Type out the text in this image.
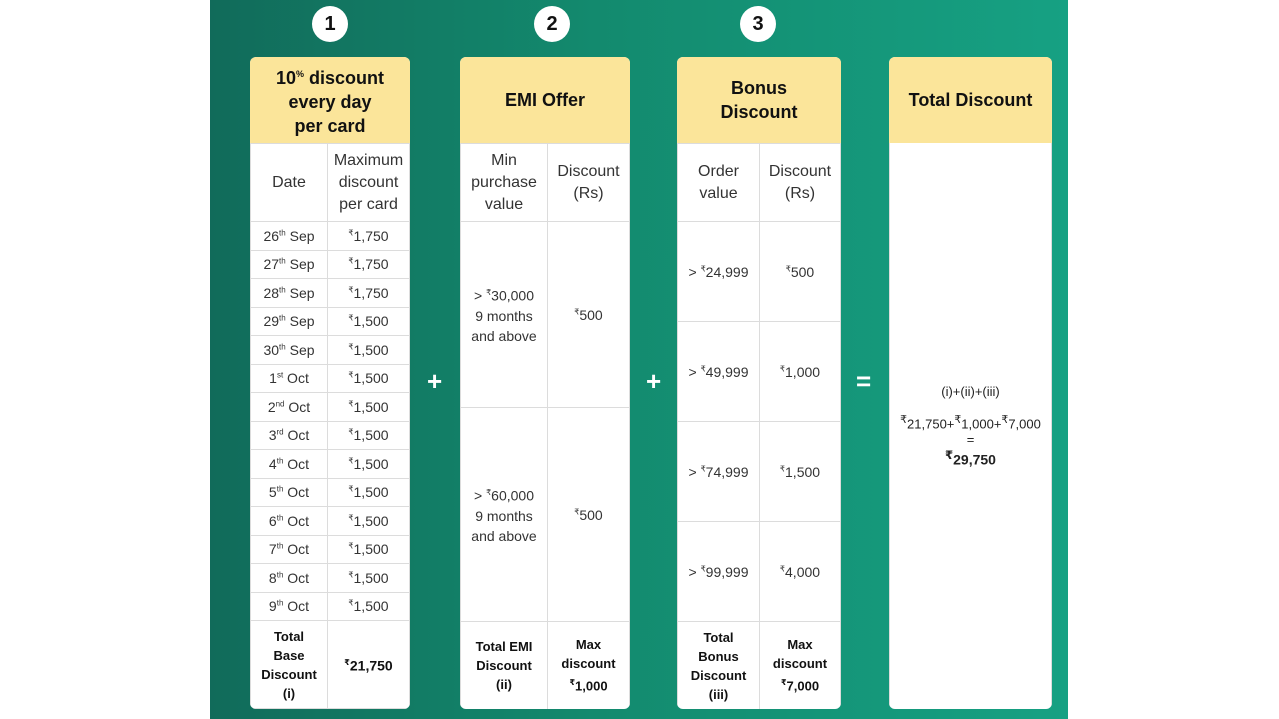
1	2	3
10% discount
every day
per card
Date	Maximum
discount
per card
26th Sep	₹1,750
27th Sep	₹1,750
28th Sep	₹1,750
29th Sep	₹1,500
30th Sep	₹1,500
1st Oct	₹1,500
2nd Oct	₹1,500
3rd Oct	₹1,500
4th Oct	₹1,500
5th Oct	₹1,500
6th Oct	₹1,500
7th Oct	₹1,500
8th Oct	₹1,500
9th Oct	₹1,500
Total
Base
Discount
(i)	₹21,750
+
EMI Offer
Min
purchase
value	Discount
(Rs)
> ₹30,000
9 months
and above	₹500
> ₹60,000
9 months
and above	₹500
Total EMI
Discount
(ii)	Max
discount
₹1,000
+
Bonus
Discount
Order
value	Discount
(Rs)
> ₹24,999	₹500
> ₹49,999	₹1,000
> ₹74,999	₹1,500
> ₹99,999	₹4,000
Total
Bonus
Discount
(iii)	Max
discount
₹7,000
=
Total Discount
(i)+(ii)+(iii)
₹21,750+₹1,000+₹7,000
=
₹29,750
